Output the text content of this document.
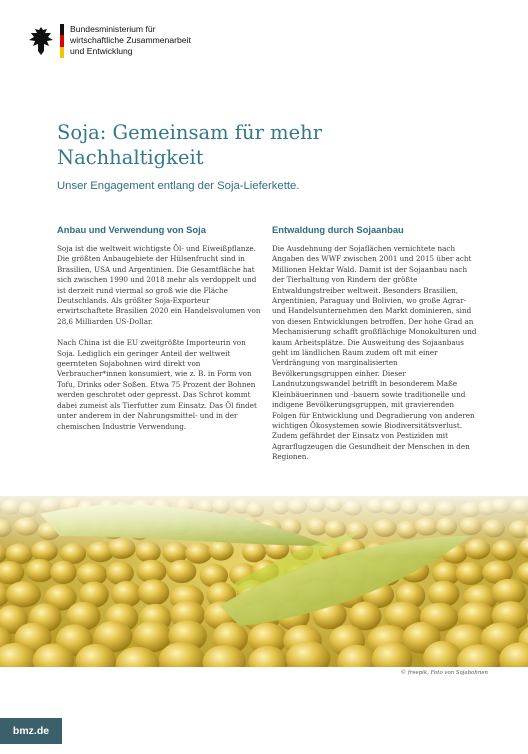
Bundesministerium für
wirtschaftliche Zusammenarbeit
und Entwicklung
Soja: Gemeinsam für mehr
Nachhaltigkeit
Unser Engagement entlang der Soja-Lieferkette.
Anbau und Verwendung von Soja

Soja ist die weltweit wichtigste Öl- und Eiweißpflanze. Die größten Anbaugebiete der Hülsenfrucht sind in Brasilien, USA und Argentinien. Die Gesamtfläche hat sich zwischen 1990 und 2018 mehr als verdoppelt und ist derzeit rund viermal so groß wie die Fläche Deutschlands. Als größter Soja-Exporteur erwirtschaftete Brasilien 2020 ein Handelsvolumen von 28,6 Milliarden US-Dollar.

Nach China ist die EU zweitgrößte Importeurin von Soja. Lediglich ein geringer Anteil der weltweit geernteten Sojabohnen wird direkt von Verbraucher*innen konsumiert, wie z. B. in Form von Tofu, Drinks oder Soßen. Etwa 75 Prozent der Bohnen werden geschrotet oder gepresst. Das Schrot kommt dabei zumeist als Tierfutter zum Einsatz. Das Öl findet unter anderem in der Nahrungsmittel- und in der chemischen Industrie Verwendung.

Entwaldung durch Sojaanbau

Die Ausdehnung der Sojaflächen vernichtete nach Angaben des WWF zwischen 2001 und 2015 über acht Millionen Hektar Wald. Damit ist der Sojaanbau nach der Tierhaltung von Rindern der größte Entwaldungstreiber weltweit. Besonders Brasilien, Argentinien, Paraguay und Bolivien, wo große Agrar- und Handelsunternehmen den Markt dominieren, sind von diesen Entwicklungen betroffen. Der hohe Grad an Mechanisierung schafft großflächige Monokulturen und kaum Arbeitsplätze. Die Ausweitung des Sojaanbaus geht im ländlichen Raum zudem oft mit einer Verdrängung von marginalisierten Bevölkerungsgruppen einher. Dieser Landnutzungswandel betrifft in besonderem Maße Kleinbäuerinnen und -bauern sowie traditionelle und indigene Bevölkerungsgruppen, mit gravierenden Folgen für Entwicklung und Degradierung von anderen wichtigen Ökosystemen sowie Biodiversitätsverlust. Zudem gefährdet der Einsatz von Pestiziden mit Agrarflugzeugen die Gesundheit der Menschen in den Regionen.

© freepik, Foto von Sojabohnen
bmz.de
